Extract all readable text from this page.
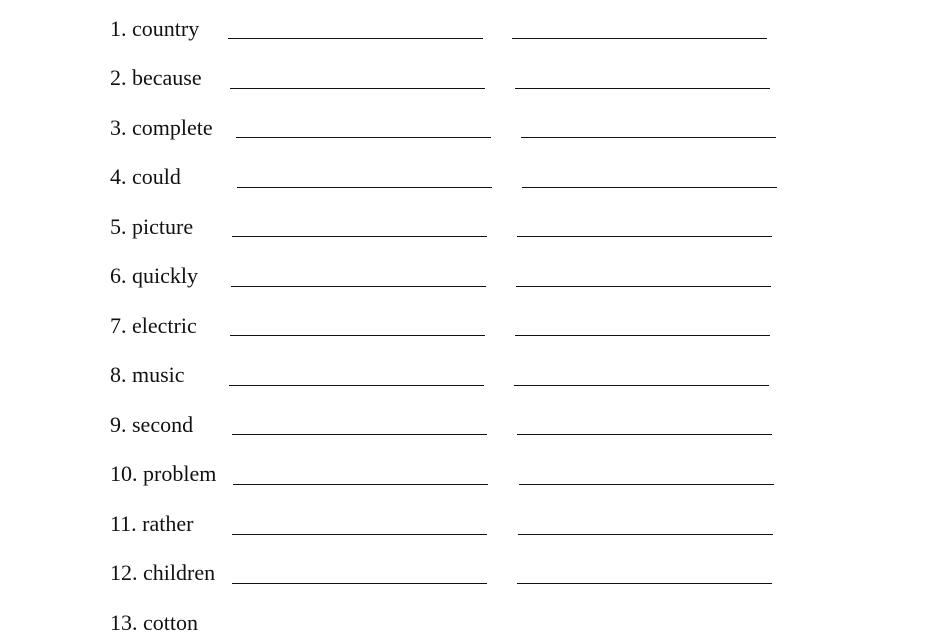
1. country
2. because
3. complete
4. could
5. picture
6. quickly
7. electric
8. music
9. second
10. problem
11. rather
12. children
13. cotton
